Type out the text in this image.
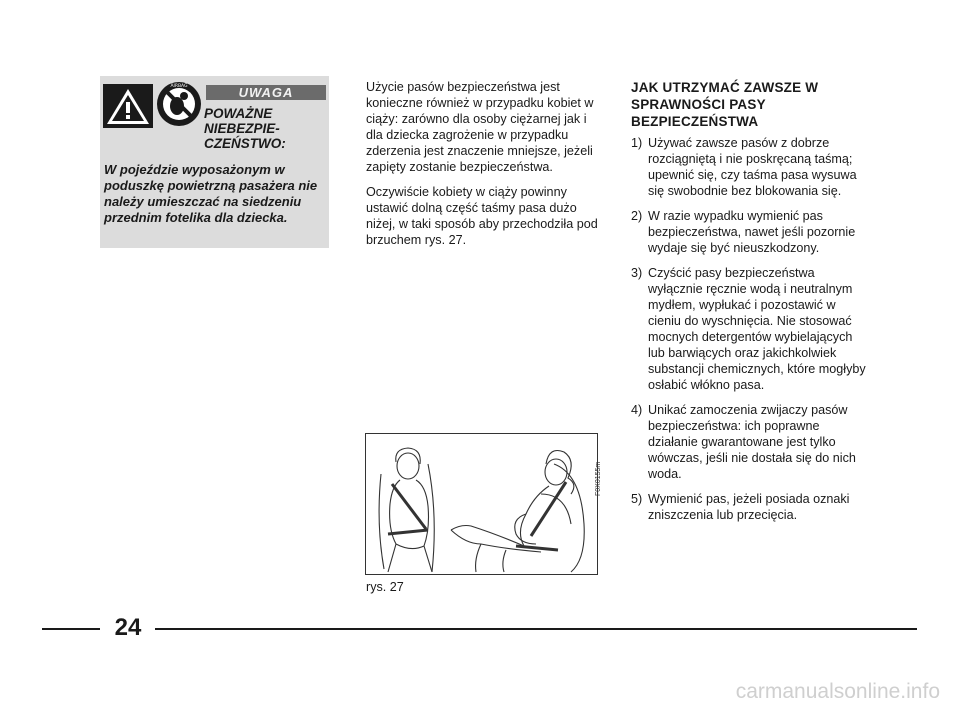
AIRBAG	UWAGA
POWAŻNE NIEBEZPIE- CZEŃSTWO:
W pojeździe wyposażonym w poduszkę powietrzną pasażera nie należy umieszczać na siedzeniu przednim fotelika dla dziecka.

Użycie pasów bezpieczeństwa jest konieczne również w przypadku kobiet w ciąży: zarówno dla osoby ciężarnej jak i dla dziecka zagrożenie w przypadku zderzenia jest znaczenie mniejsze, jeżeli zapięty zostanie bezpieczeństwa.

Oczywiście kobiety w ciąży powinny ustawić dolną część taśmy pasa dużo niżej, w taki sposób aby przechodziła pod brzuchem rys. 27.

F0X0155m
rys. 27
JAK UTRZYMAĆ ZAWSZE W SPRAWNOŚCI PASY BEZPIECZEŃSTWA
1) Używać zawsze pasów z dobrze rozciągniętą i nie poskręcaną taśmą; upewnić się, czy taśma pasa wysuwa się swobodnie bez blokowania się.
2) W razie wypadku wymienić pas bezpieczeństwa, nawet jeśli pozornie wydaje się być nieuszkodzony.
3) Czyścić pasy bezpieczeństwa wyłącznie ręcznie wodą i neutralnym mydłem, wypłukać i pozostawić w cieniu do wyschnięcia. Nie stosować mocnych detergentów wybielających lub barwiących oraz jakichkolwiek substancji chemicznych, które mogłyby osłabić włókno pasa.
4) Unikać zamoczenia zwijaczy pasów bezpieczeństwa: ich poprawne działanie gwarantowane jest tylko wówczas, jeśli nie dostała się do nich woda.
5) Wymienić pas, jeżeli posiada oznaki zniszczenia lub przecięcia.
24
carmanualsonline.info
